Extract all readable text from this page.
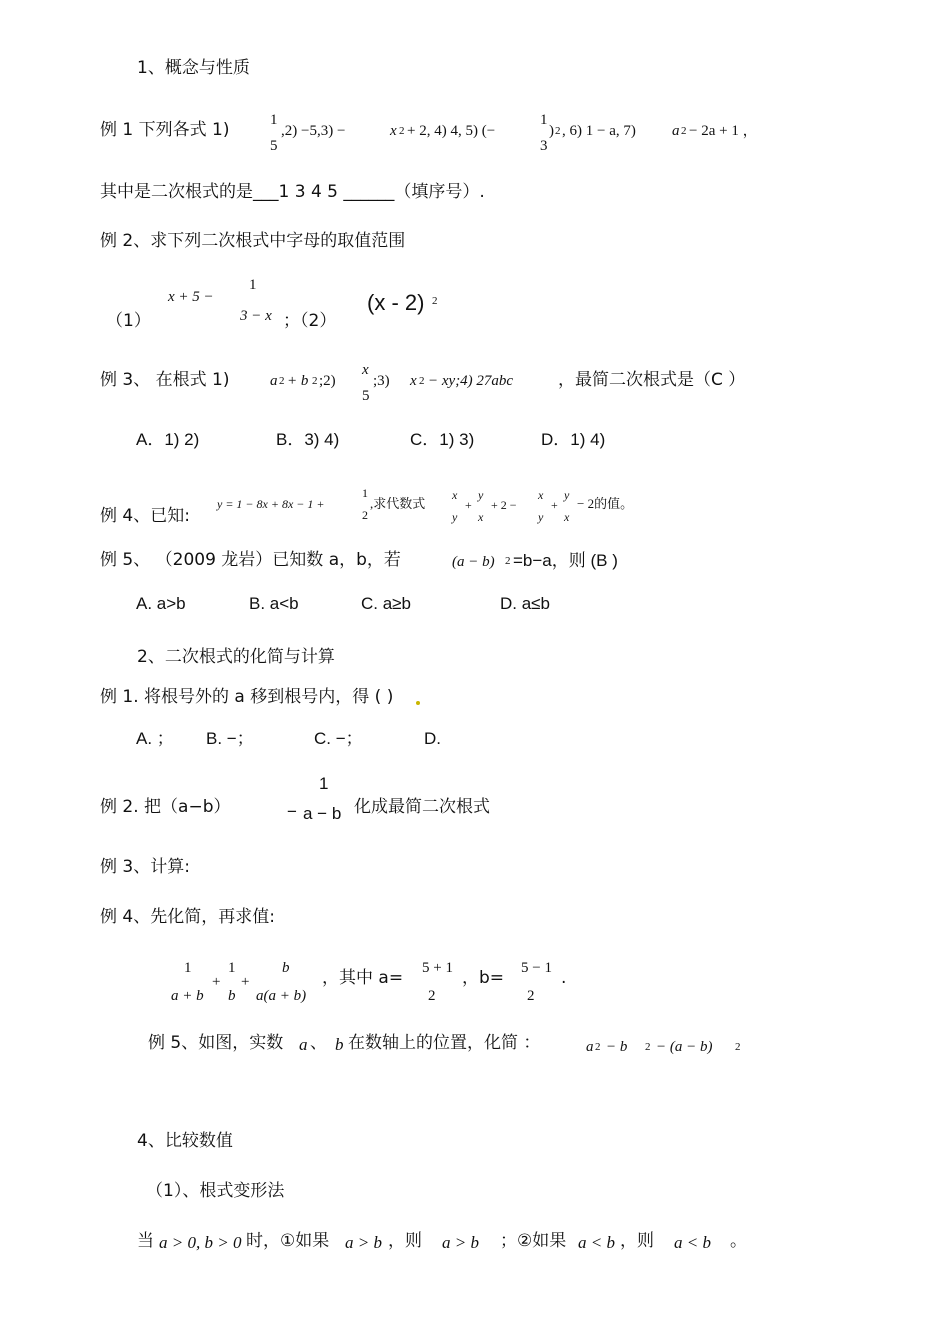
1、概念与性质
例 1 下列各式 1)	1
5
,2) −5,3) −	x 2 + 2, 4) 4, 5) (−
1
3
) 2 , 6) 1 − a, 7) a 2 − 2a + 1 ，
其中是二次根式的是___1 3 4 5 ______（填序号）.
例 2、求下列二次根式中字母的取值范围
（1）
x + 5 −
1
3 − x ；（2）
(x - 2) 2
例 3、 在根式 1)	a 2 + b 2 ;2)
x
5
;3) x 2 − xy;4) 27abc	，最简二次根式是（C ）
A．1) 2)	B．3) 4)	C．1) 3)	D．1) 4)
例 4、已知:
y = 1 − 8x + 8x − 1 +
1
2
,求代数式
x
y
+
y
x
+ 2 −
x
y
+
y
x
− 2的值。
例 5、 （2009 龙岩）已知数 a，b，若	(a − b) 2 =b−a，则 (B )
A. a>b	B. a<b	C. a≥b	D. a≤b
2、二次根式的化简与计算
例 1. 将根号外的 a 移到根号内，得 ( )
A. ； B. −；	C. −；	D.
例 2. 把（a−b）	−
1
a − b 化成最简二次根式
例 3、计算:
例 4、先化简，再求值:
1
a + b
+
1
b
+
b
a(a + b)
，其中 a= 5 + 1
2
，b= 5 − 1
2
.
例 5、如图，实数 a 、 b 在数轴上的位置，化简 ：	a 2 − b 2 − (a − b) 2
4、比较数值
（1）、根式变形法
当 a > 0, b > 0 时，①如果 a > b ，则 a > b ；②如果 a < b ，则 a < b 。
